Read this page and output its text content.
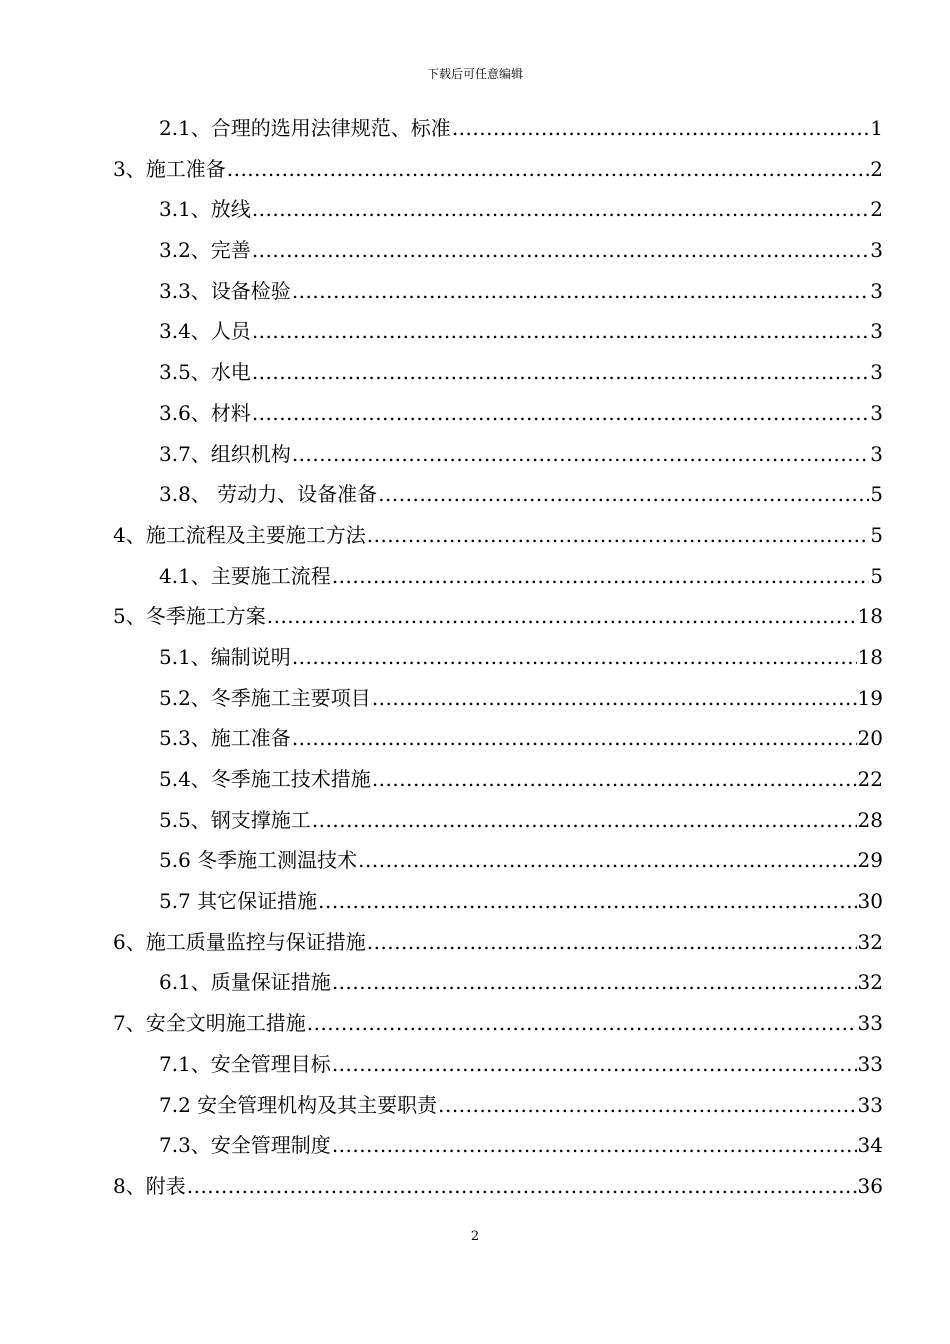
下载后可任意编辑
2.1、合理的选用法律规范、标准 .....	1
3、施工准备 .....	2
3.1、放线 .....	2
3.2、完善 .....	3
3.3、设备检验 .....	3
3.4、人员 .....	3
3.5、水电 .....	3
3.6、材料 .....	3
3.7、组织机构 .....	3
3.8、 劳动力、设备准备 .....	5
4、施工流程及主要施工方法 .....	5
4.1、主要施工流程 .....	5
5、冬季施工方案 .....	18
5.1、编制说明 .....	18
5.2、冬季施工主要项目 .....	19
5.3、施工准备 .....	20
5.4、冬季施工技术措施 .....	22
5.5、钢支撑施工 .....	28
5.6 冬季施工测温技术 .....	29
5.7 其它保证措施 .....	30
6、施工质量监控与保证措施 .....	32
6.1、质量保证措施 .....	32
7、安全文明施工措施 .....	33
7.1、安全管理目标 .....	33
7.2 安全管理机构及其主要职责 .....	33
7.3、安全管理制度 .....	34
8、附表 .....	36
2
